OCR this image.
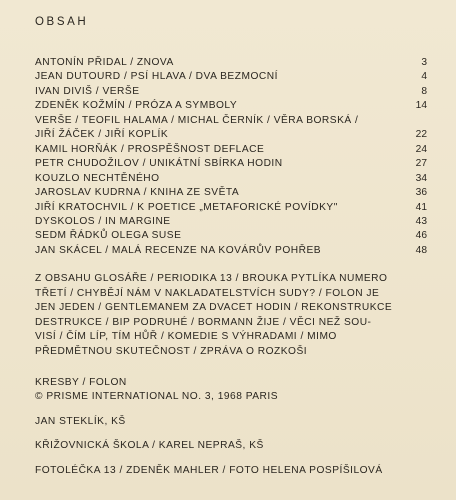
OBSAH
ANTONÍN PŘIDAL / ZNOVA	3
JEAN DUTOURD / PSÍ HLAVA / DVA BEZMOCNÍ	4
IVAN DIVIŠ / VERŠE	8
ZDENĚK KOŽMÍN / PRÓZA A SYMBOLY	14
VERŠE / TEOFIL HALAMA / MICHAL ČERNÍK / VĚRA BORSKÁ /
JIŘÍ ŽÁČEK / JIŘÍ KOPLÍK	22
KAMIL HORŇÁK / PROSPĚŠNOST DEFLACE	24
PETR CHUDOŽILOV / UNIKÁTNÍ SBÍRKA HODIN	27
KOUZLO NECHTĚNÉHO	34
JAROSLAV KUDRNA / KNIHA ZE SVĚTA	36
JIŘÍ KRATOCHVIL / K POETICE „METAFORICKÉ POVÍDKY"	41
DYSKOLOS / IN MARGINE	43
SEDM ŘÁDKŮ OLEGA SUSE	46
JAN SKÁCEL / MALÁ RECENZE NA KOVÁRŮV POHŘEB	48
Z OBSAHU GLOSÁŘE / PERIODIKA 13 / BROUKA PYTLÍKA NUMERO
TŘETÍ / CHYBĚJÍ NÁM V NAKLADATELSTVÍCH SUDY? / FOLON JE
JEN JEDEN / GENTLEMANEM ZA DVACET HODIN / REKONSTRUKCE
DESTRUKCE / BIP PODRUHÉ / BORMANN ŽIJE / VĚCI NEŽ SOU-
VISÍ / ČÍM LÍP, TÍM HŮŘ / KOMEDIE S VÝHRADAMI / MIMO
PŘEDMĚTNOU SKUTEČNOST / ZPRÁVA O ROZKOŠI
KRESBY / FOLON
© PRISME INTERNATIONAL NO. 3, 1968 PARIS
JAN STEKLÍK, KŠ
KŘIŽOVNICKÁ ŠKOLA / KAREL NEPRAŠ, KŠ
FOTOLÉČKA 13 / ZDENĚK MAHLER / FOTO HELENA POSPÍŠILOVÁ
